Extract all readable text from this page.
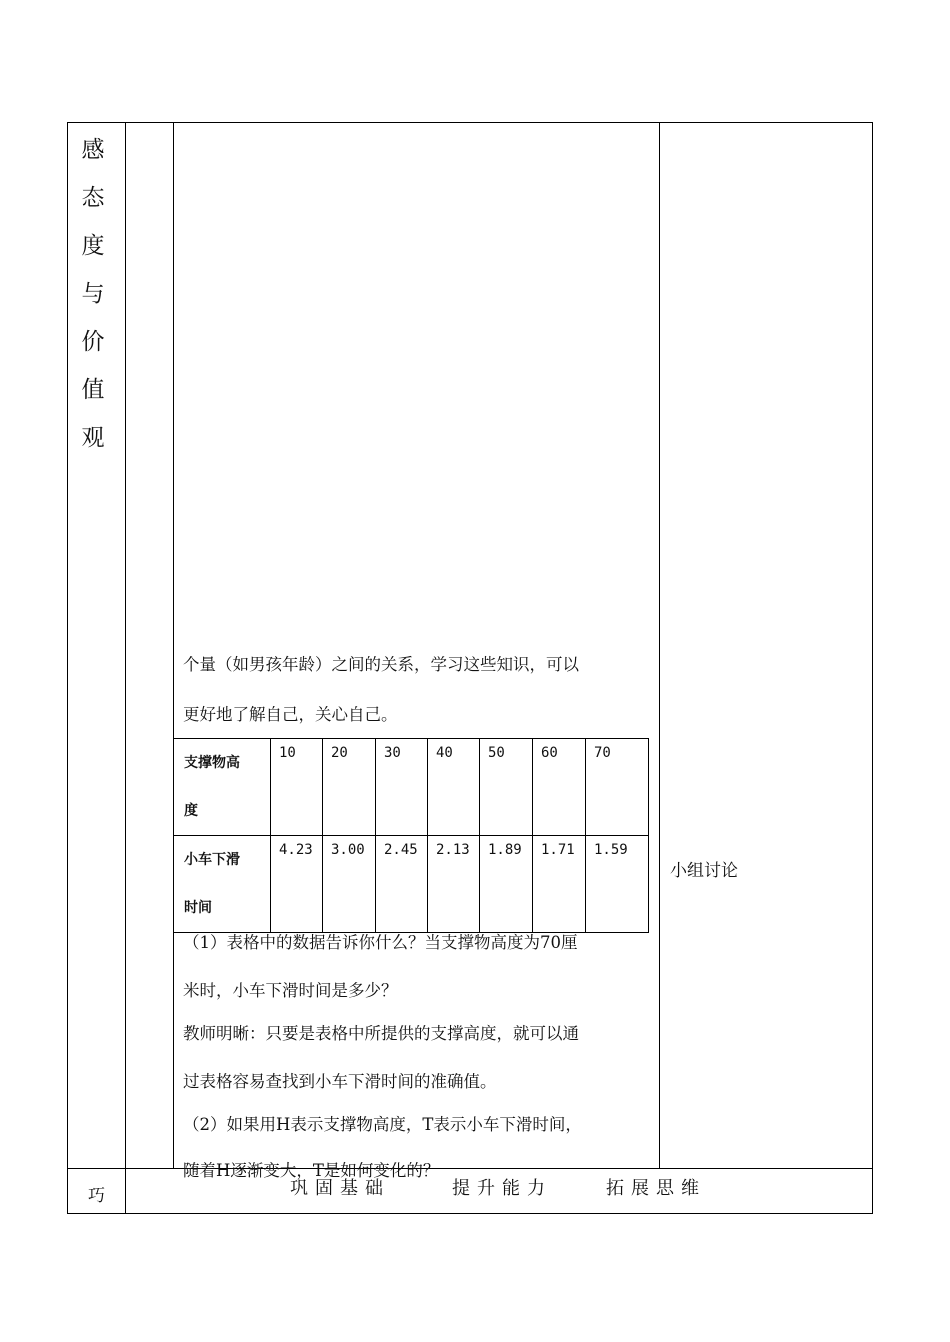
感
态
度
与
价
值
观
个量（如男孩年龄）之间的关系，学习这些知识，可以
更好地了解自己，关心自己。
支撑物高
度	10	20	30	40	50	60	70

小车下滑
时间	4.23	3.00	2.45	2.13	1.89	1.71	1.59
（1）表格中的数据告诉你什么？当支撑物高度为70厘
米时，小车下滑时间是多少？
教师明晰：只要是表格中所提供的支撑高度，就可以通
过表格容易查找到小车下滑时间的准确值。
（2）如果用H表示支撑物高度，T表示小车下滑时间，
随着H逐渐变大，T是如何变化的？
小组讨论
巧	巩固基础	提升能力	拓展思维
